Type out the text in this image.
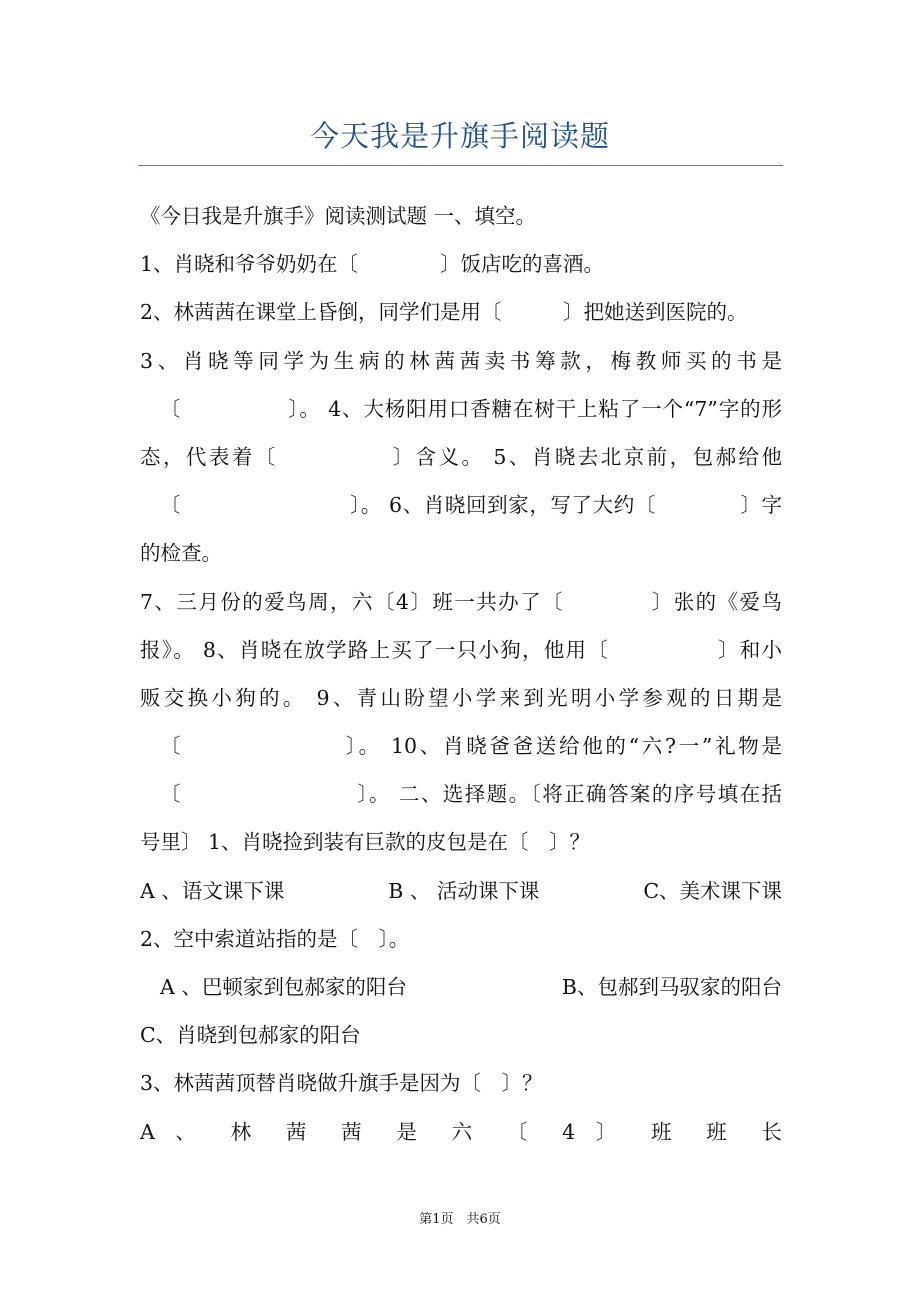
今天我是升旗手阅读题
《今日我是升旗手》阅读测试题 一、填空。
1、肖晓和爷爷奶奶在〔　　　　〕饭店吃的喜酒。
2、林茜茜在课堂上昏倒，同学们是用〔　　　〕把她送到医院的。
3、肖晓等同学为生病的林茜茜卖书筹款，梅教师买的书是
〔　　　　　〕。 4、大杨阳用口香糖在树干上粘了一个“7”字的形
态，代表着〔　　　　　〕含义。 5、肖晓去北京前，包郝给他
〔　　　　　　　　〕。 6、肖晓回到家，写了大约〔　　　　〕字
的检查。
7、三月份的爱鸟周，六〔4〕班一共办了〔　　　　〕张的《爱鸟
报》。 8、肖晓在放学路上买了一只小狗，他用〔　　　　　〕和小
贩交换小狗的。 9、青山盼望小学来到光明小学参观的日期是
〔　　　　　　　〕。 10、肖晓爸爸送给他的“六?一”礼物是
〔　　　　　　　　〕。 二、选择题。〔将正确答案的序号填在括
号里〕 1、肖晓捡到装有巨款的皮包是在〔　〕？
A 、语文课下课	B 、 活动课下课	C、美术课下课
2、空中索道站指的是〔　〕。
A 、巴顿家到包郝家的阳台	B、包郝到马驭家的阳台
C、肖晓到包郝家的阳台
3、林茜茜顶替肖晓做升旗手是因为〔　〕？
A 、 林 茜 茜 是 六 〔 4 〕 班 班 长
第1页　共6页
